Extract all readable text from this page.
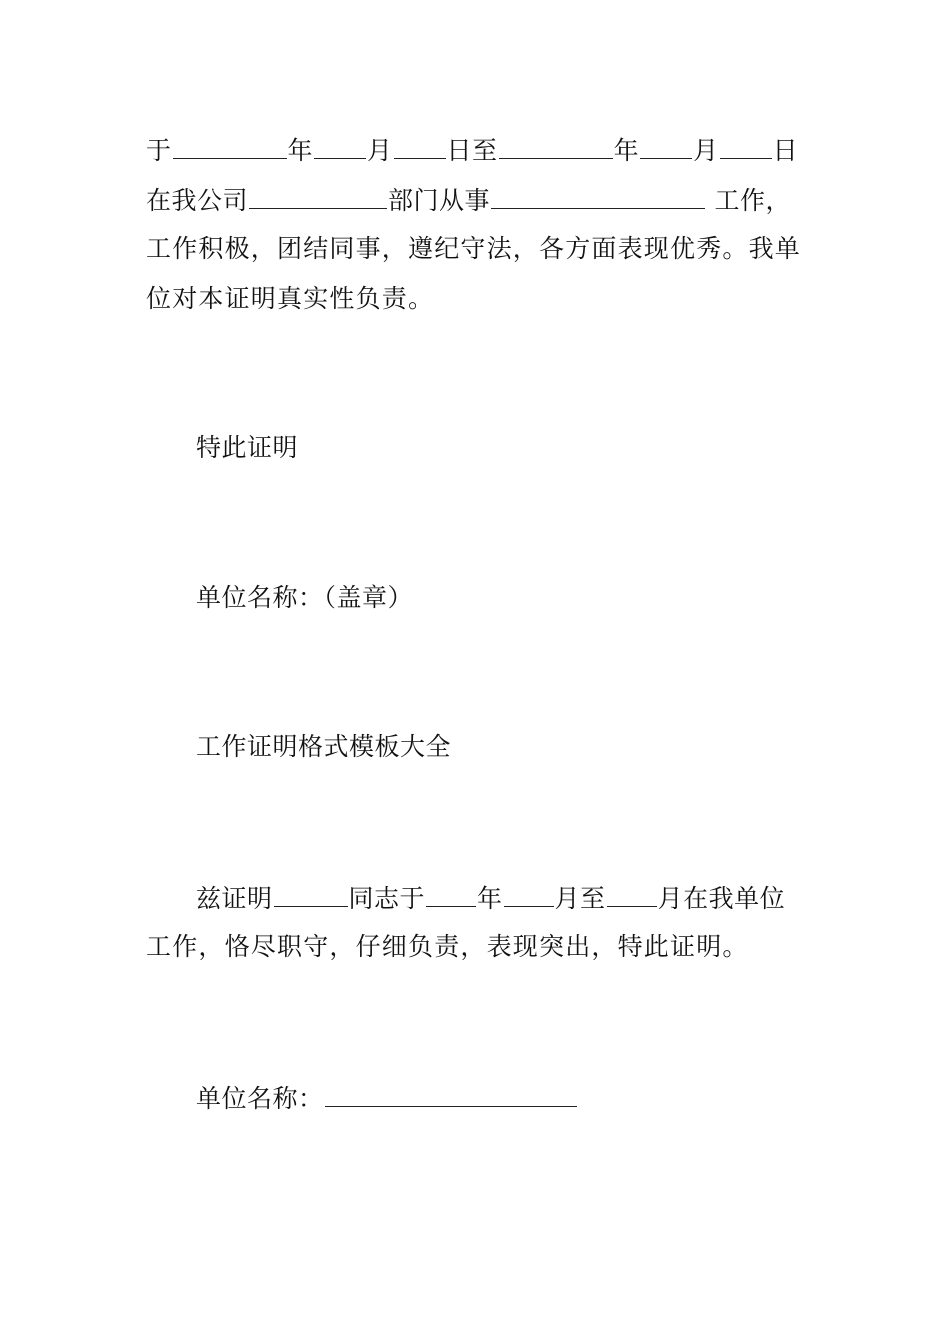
于	年 月 日至	年 月 日
在我公司	部门从事	工作，
工作积极，团结同事，遵纪守法，各方面表现优秀。我单
位对本证明真实性负责。
特此证明
单位名称：（盖章）
工作证明格式模板大全
兹证明	同志于 年 月至 月在我单位
工作，恪尽职守，仔细负责，表现突出，特此证明。
单位名称：
